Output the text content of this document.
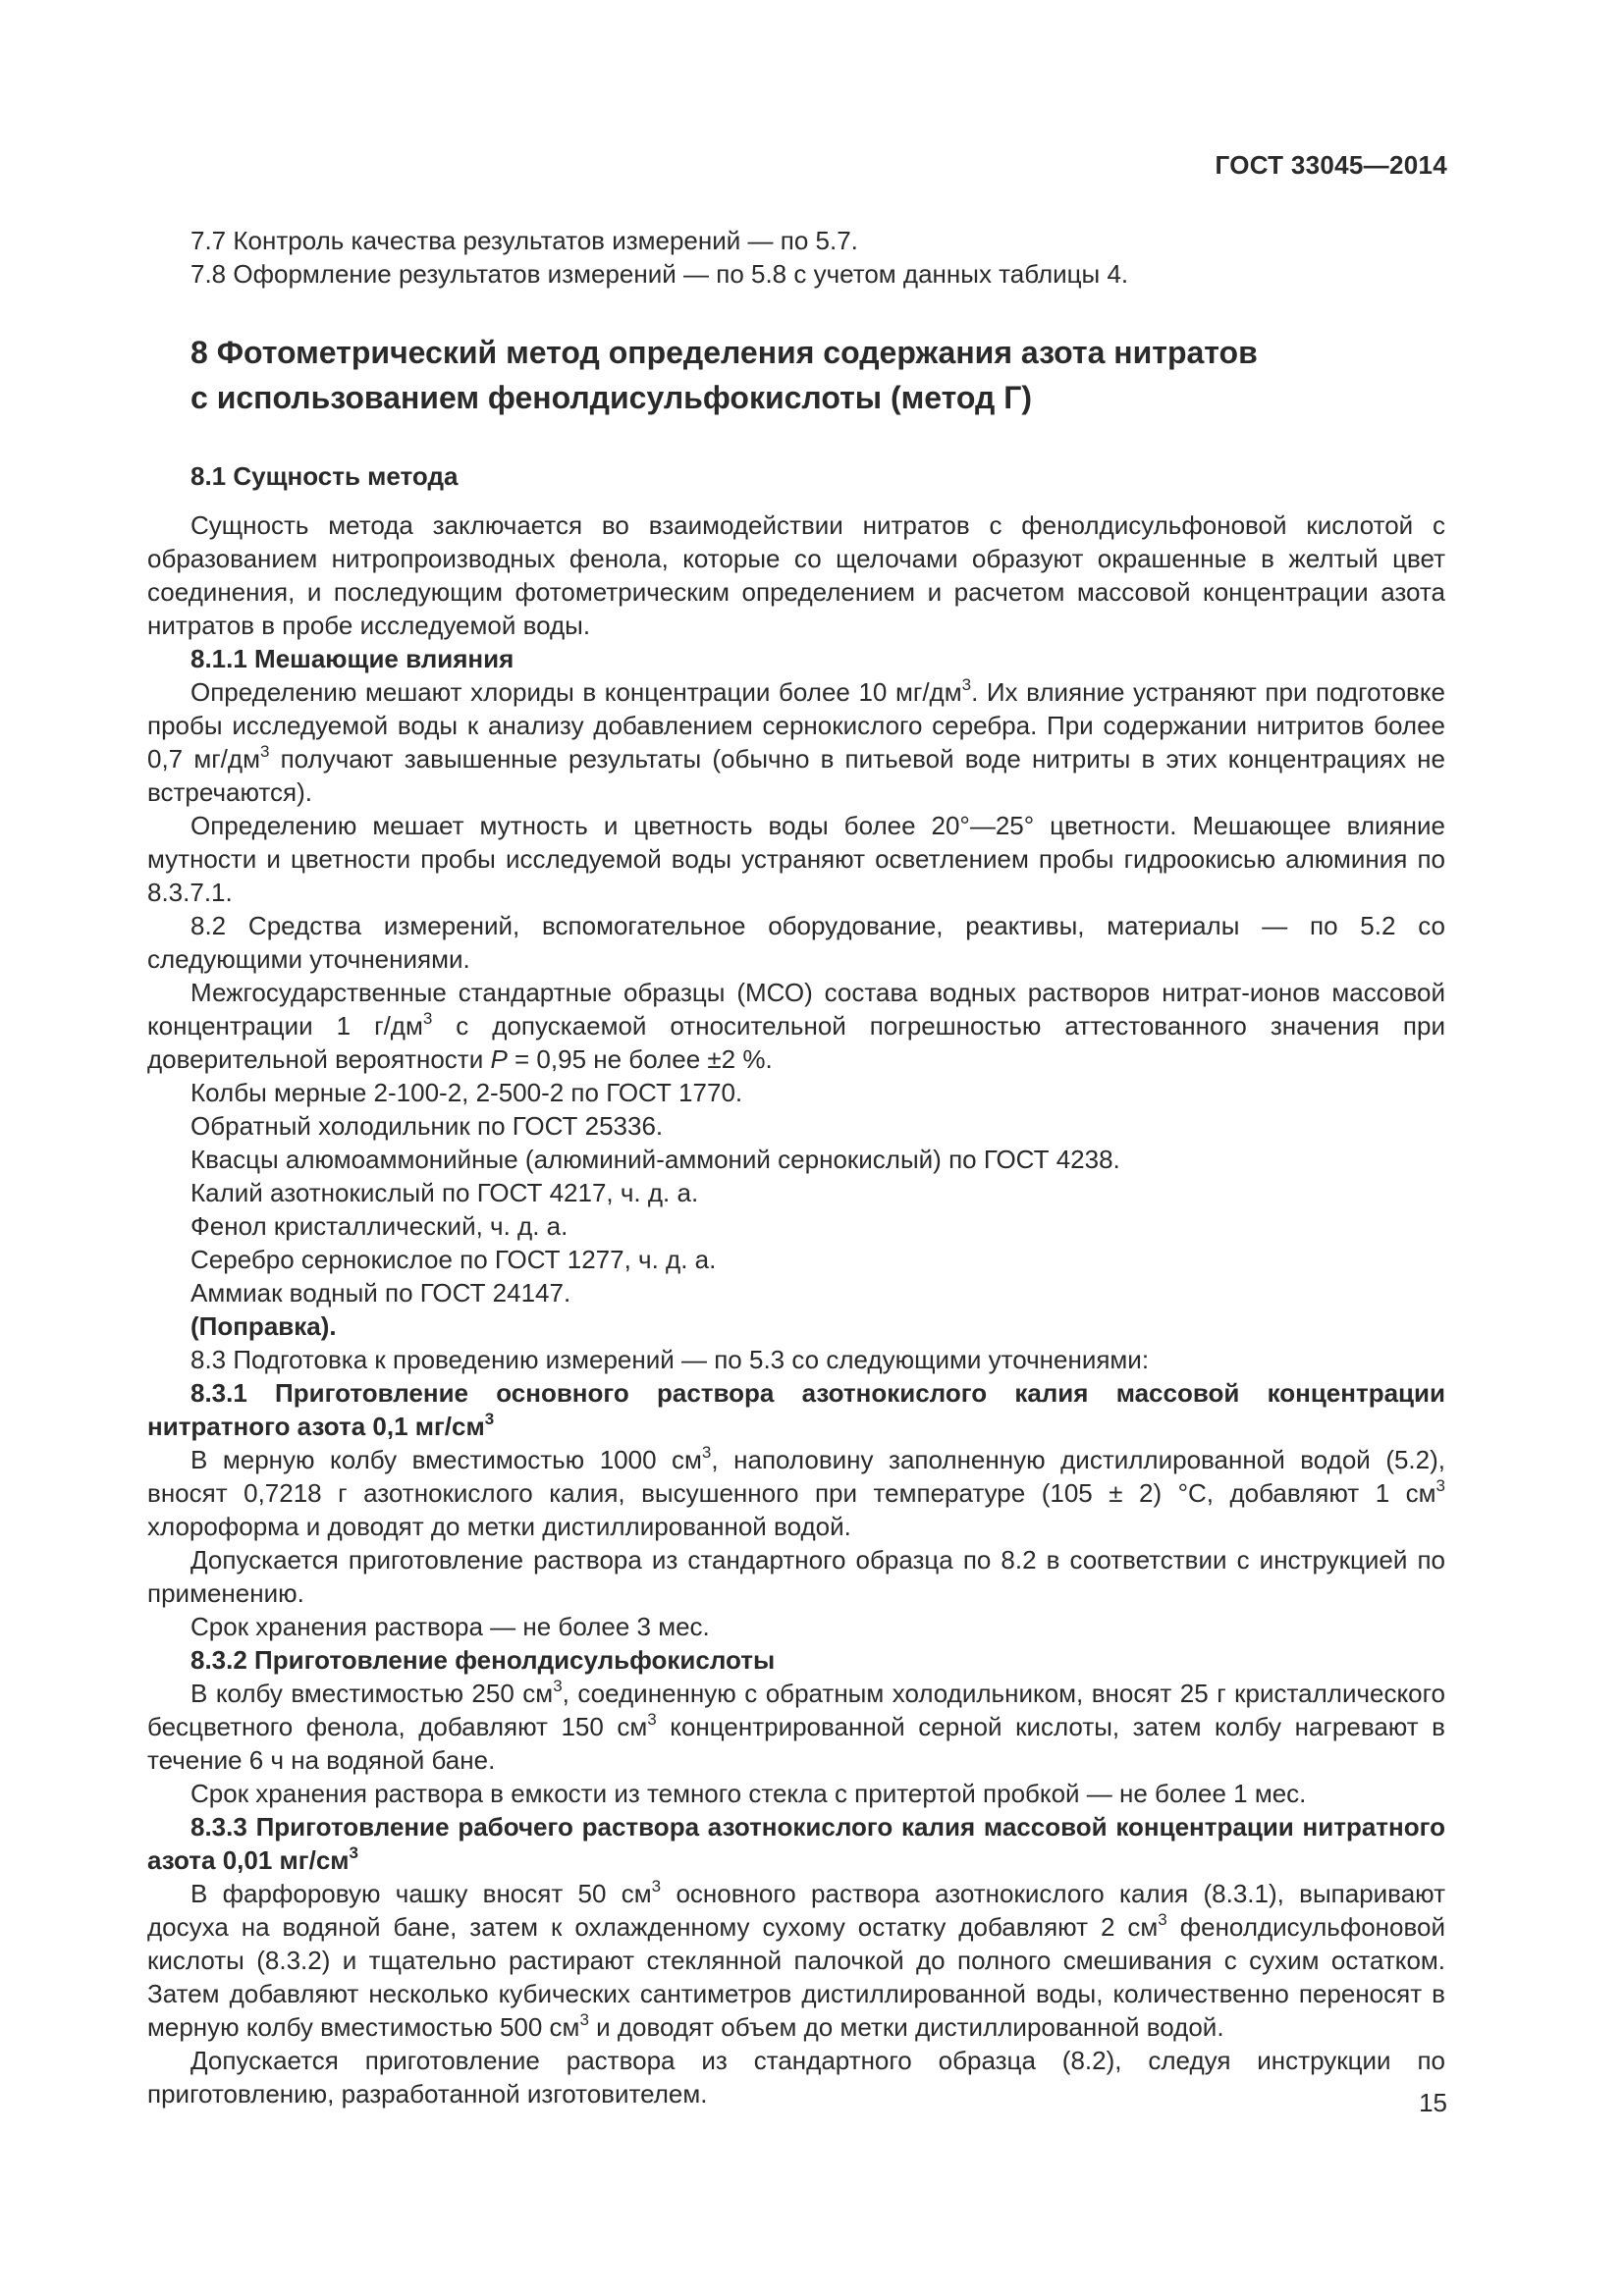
ГОСТ 33045—2014

7.7 Контроль качества результатов измерений — по 5.7.

7.8 Оформление результатов измерений — по 5.8 с учетом данных таблицы 4.

8 Фотометрический метод определения содержания азота нитратов
с использованием фенолдисульфокислоты (метод Г)

8.1 Сущность метода

Сущность метода заключается во взаимодействии нитратов с фенолдисульфоновой кислотой с образованием нитропроизводных фенола, которые со щелочами образуют окрашенные в желтый цвет соединения, и последующим фотометрическим определением и расчетом массовой концентрации азота нитратов в пробе исследуемой воды.

8.1.1 Мешающие влияния

Определению мешают хлориды в концентрации более 10 $мг/дм^3$. Их влияние устраняют при подготовке пробы исследуемой воды к анализу добавлением сернокислого серебра. При содержании нитритов более 0,7 $мг/дм^3$ получают завышенные результаты (обычно в питьевой воде нитриты в этих концентрациях не встречаются).

Определению мешает мутность и цветность воды более 20°—25° цветности. Мешающее влияние мутности и цветности пробы исследуемой воды устраняют осветлением пробы гидроокисью алюминия по 8.3.7.1.

8.2 Средства измерений, вспомогательное оборудование, реактивы, материалы — по 5.2 со следующими уточнениями.

Межгосударственные стандартные образцы (МСО) состава водных растворов нитрат-ионов массовой концентрации 1 $г/дм^3$ с допускаемой относительной погрешностью аттестованного значения при доверительной вероятности P = 0,95 не более ±2 %.

Колбы мерные 2-100-2, 2-500-2 по ГОСТ 1770.

Обратный холодильник по ГОСТ 25336.

Квасцы алюмоаммонийные (алюминий-аммоний сернокислый) по ГОСТ 4238.

Калий азотнокислый по ГОСТ 4217, ч. д. а.

Фенол кристаллический, ч. д. а.

Серебро сернокислое по ГОСТ 1277, ч. д. а.

Аммиак водный по ГОСТ 24147.

(Поправка).

8.3 Подготовка к проведению измерений — по 5.3 со следующими уточнениями:

8.3.1 Приготовление основного раствора азотнокислого калия массовой концентрации нитратного азота 0,1 $мг/см^3$

В мерную колбу вместимостью 1000 $см^3$, наполовину заполненную дистиллированной водой (5.2), вносят 0,7218 г азотнокислого калия, высушенного при температуре (105 ± 2) °С, добавляют 1 $см^3$ хлороформа и доводят до метки дистиллированной водой.

Допускается приготовление раствора из стандартного образца по 8.2 в соответствии с инструкцией по применению.

Срок хранения раствора — не более 3 мес.

8.3.2 Приготовление фенолдисульфокислоты

В колбу вместимостью 250 $см^3$, соединенную с обратным холодильником, вносят 25 г кристаллического бесцветного фенола, добавляют 150 $см^3$ концентрированной серной кислоты, затем колбу нагревают в течение 6 ч на водяной бане.

Срок хранения раствора в емкости из темного стекла с притертой пробкой — не более 1 мес.

8.3.3 Приготовление рабочего раствора азотнокислого калия массовой концентрации нитратного азота 0,01 $мг/см^3$

В фарфоровую чашку вносят 50 $см^3$ основного раствора азотнокислого калия (8.3.1), выпаривают досуха на водяной бане, затем к охлажденному сухому остатку добавляют 2 $см^3$ фенолдисульфоновой кислоты (8.3.2) и тщательно растирают стеклянной палочкой до полного смешивания с сухим остатком. Затем добавляют несколько кубических сантиметров дистиллированной воды, количественно переносят в мерную колбу вместимостью 500 $см^3$ и доводят объем до метки дистиллированной водой.

Допускается приготовление раствора из стандартного образца (8.2), следуя инструкции по приготовлению, разработанной изготовителем.	15
